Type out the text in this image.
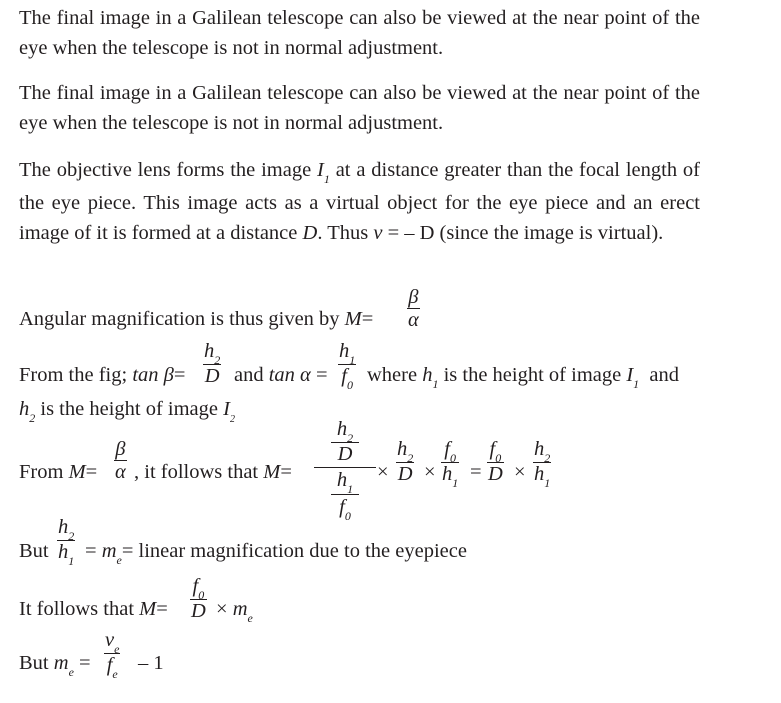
The final image in a Galilean telescope can also be viewed at the near point of the eye when the telescope is not in normal adjustment.
The final image in a Galilean telescope can also be viewed at the near point of the eye when the telescope is not in normal adjustment.
The objective lens forms the image $I_1$ at a distance greater than the focal length of the eye piece. This image acts as a virtual object for the eye piece and an erect image of it is formed at a distance D. Thus v = – D (since the image is virtual).
Angular magnification is thus given by M=
β
α
From the fig; tan β=
$h_2$
D and tan α =
$h_1$
$f_0$ where $h_1$ is the height of image $I_1$ and
$h_2$ is the height of image $I_2$
From M=
β
α , it follows that M=
$h_2$
D
$h_1$
$f_0$
×
$h_2$
D ×
$f_0$
$h_1$ =
$f_0$
D ×
$h_2$
$h_1$
But
$h_2$
$h_1 = m_e=$ linear magnification due to the eyepiece
It follows that M=
$f_0$
$D \times m_e$
But $m_e$ =
$v_e$
$f_e - 1$
